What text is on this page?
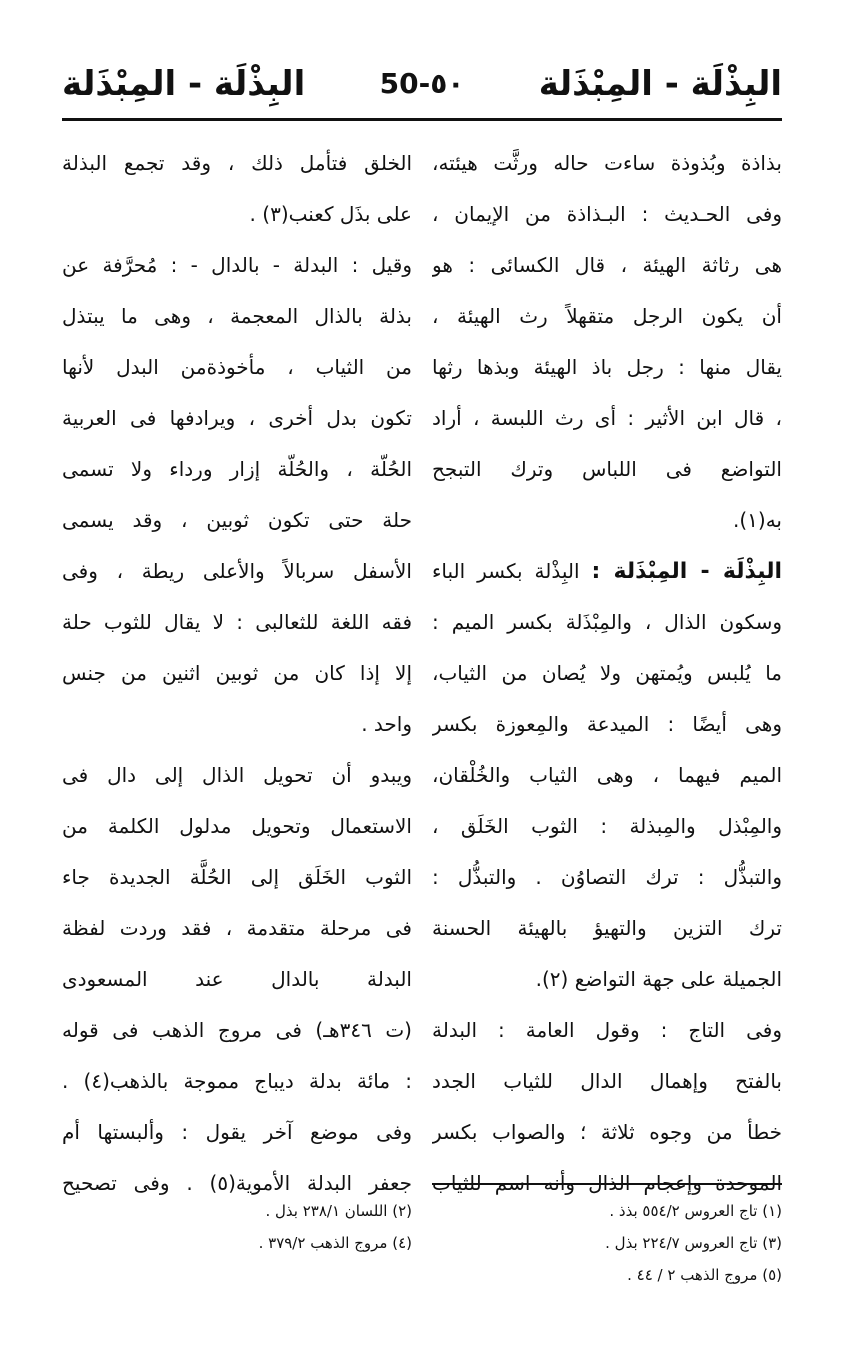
البِذْلَة - المِبْذَلة
50-٥٠
البِذْلَة - المِبْذَلة
بذاذة وبُذوذة ساءت حاله ورثَّت هيئته،
وفى الحـديث : البـذاذة من الإيمان ،
هى رثاثة الهيئة ، قال الكسائى : هو
أن يكون الرجل متقهلاً رث الهيئة ،
يقال منها : رجل باذ الهيئة وبذها رثها
، قال ابن الأثير : أى رث اللبسة ، أراد
التواضع فى اللباس وترك التبجح
به(١).
البِذْلَة - المِبْذَلة : البِذْلة بكسر الباء
وسكون الذال ، والمِبْذَلة بكسر الميم :
ما يُلبس ويُمتهن ولا يُصان من الثياب،
وهى أيضًا : الميدعة والمِعوزة بكسر
الميم فيهما ، وهى الثياب والخُلْقان،
والمِبْذل والمِبذلة : الثوب الخَلَق ،
والتبذُّل : ترك التصاوُن . والتبذُّل :
ترك التزين والتهيؤ بالهيئة الحسنة
الجميلة على جهة التواضع (٢).
وفى التاج : وقول العامة : البدلة
بالفتح وإهمال الدال للثياب الجدد
خطأ من وجوه ثلاثة ؛ والصواب بكسر
الموحدة وإعجام الذال وأنه اسم للثياب
الخلق فتأمل ذلك ، وقد تجمع البذلة
على بذَل كعنب(٣) .
وقيل : البدلة - بالدال - : مُحرَّفة عن
بذلة بالذال المعجمة ، وهى ما يبتذل
من الثياب ، مأخوذةمن البدل لأنها
تكون بدل أخرى ، ويرادفها فى العربية
الحُلّة ، والحُلّة إزار ورداء ولا تسمى
حلة حتى تكون ثوبين ، وقد يسمى
الأسفل سربالاً والأعلى ريطة ، وفى
فقه اللغة للثعالبى : لا يقال للثوب حلة
إلا إذا كان من ثوبين اثنين من جنس
واحد .
ويبدو أن تحويل الذال إلى دال فى
الاستعمال وتحويل مدلول الكلمة من
الثوب الخَلَق إلى الحُلَّة الجديدة جاء
فى مرحلة متقدمة ، فقد وردت لفظة
البدلة بالدال عند المسعودى
(ت ٣٤٦هـ) فى مروج الذهب فى قوله
: مائة بدلة ديباج مموجة بالذهب(٤) .
وفى موضع آخر يقول : وألبستها أم
جعفر البدلة الأموية(٥) . وفى تصحيح
(١) تاج العروس ٥٥٤/٢ بذذ .
(٢) اللسان ٢٣٨/١ بذل .
(٣) تاج العروس ٢٢٤/٧ بذل .
(٤) مروج الذهب ٣٧٩/٢ .
(٥) مروج الذهب ٢ / ٤٤ .
